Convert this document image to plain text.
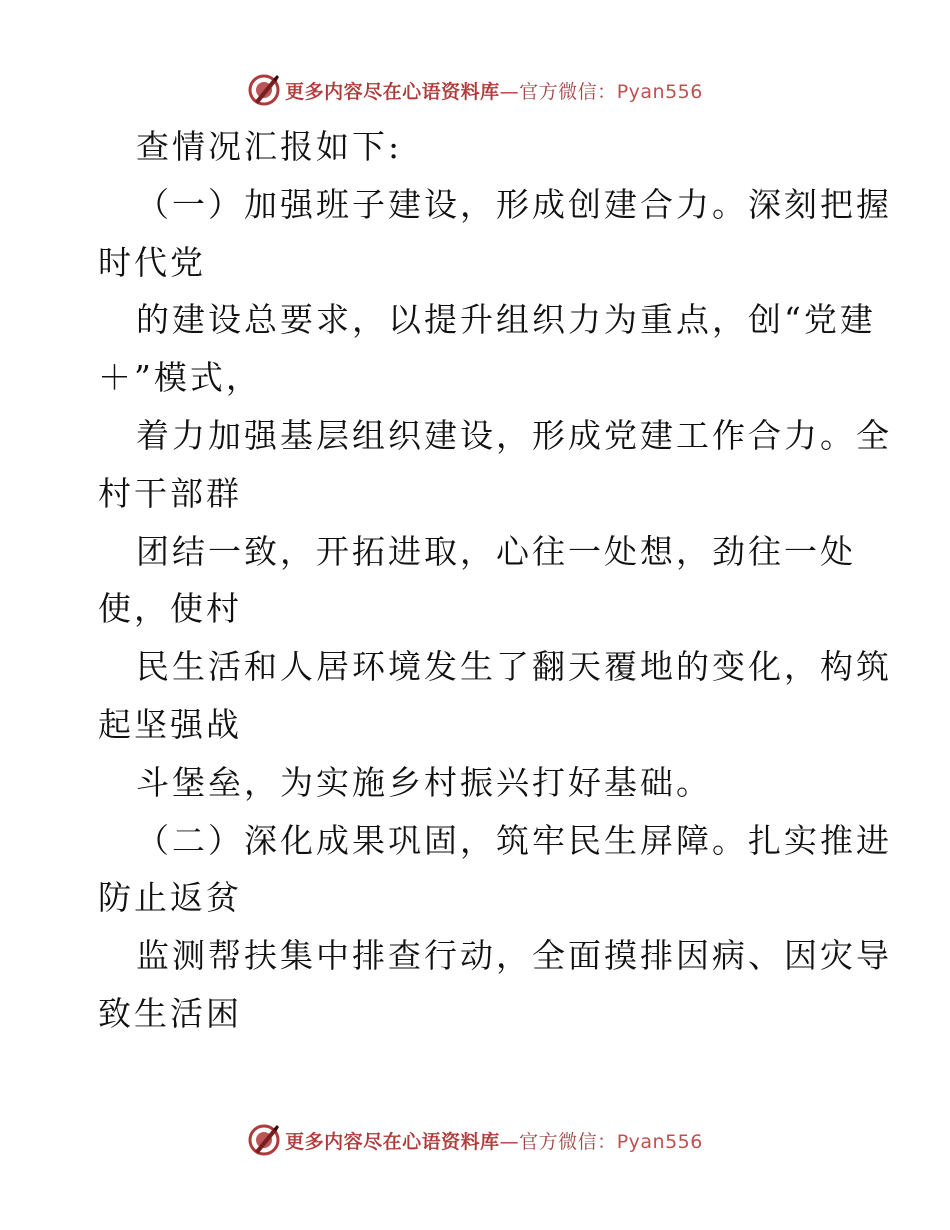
更多内容尽在心语资料库—官方微信：Pyan556
查情况汇报如下:
（一）加强班子建设，形成创建合力。深刻把握
时代党
的建设总要求，以提升组织力为重点，创“党建
＋”模式，
着力加强基层组织建设，形成党建工作合力。全
村干部群
团结一致，开拓进取，心往一处想，劲往一处
使，使村
民生活和人居环境发生了翻天覆地的变化，构筑
起坚强战
斗堡垒，为实施乡村振兴打好基础。
（二）深化成果巩固，筑牢民生屏障。扎实推进
防止返贫
监测帮扶集中排查行动，全面摸排因病、因灾导
致生活困
更多内容尽在心语资料库—官方微信：Pyan556
